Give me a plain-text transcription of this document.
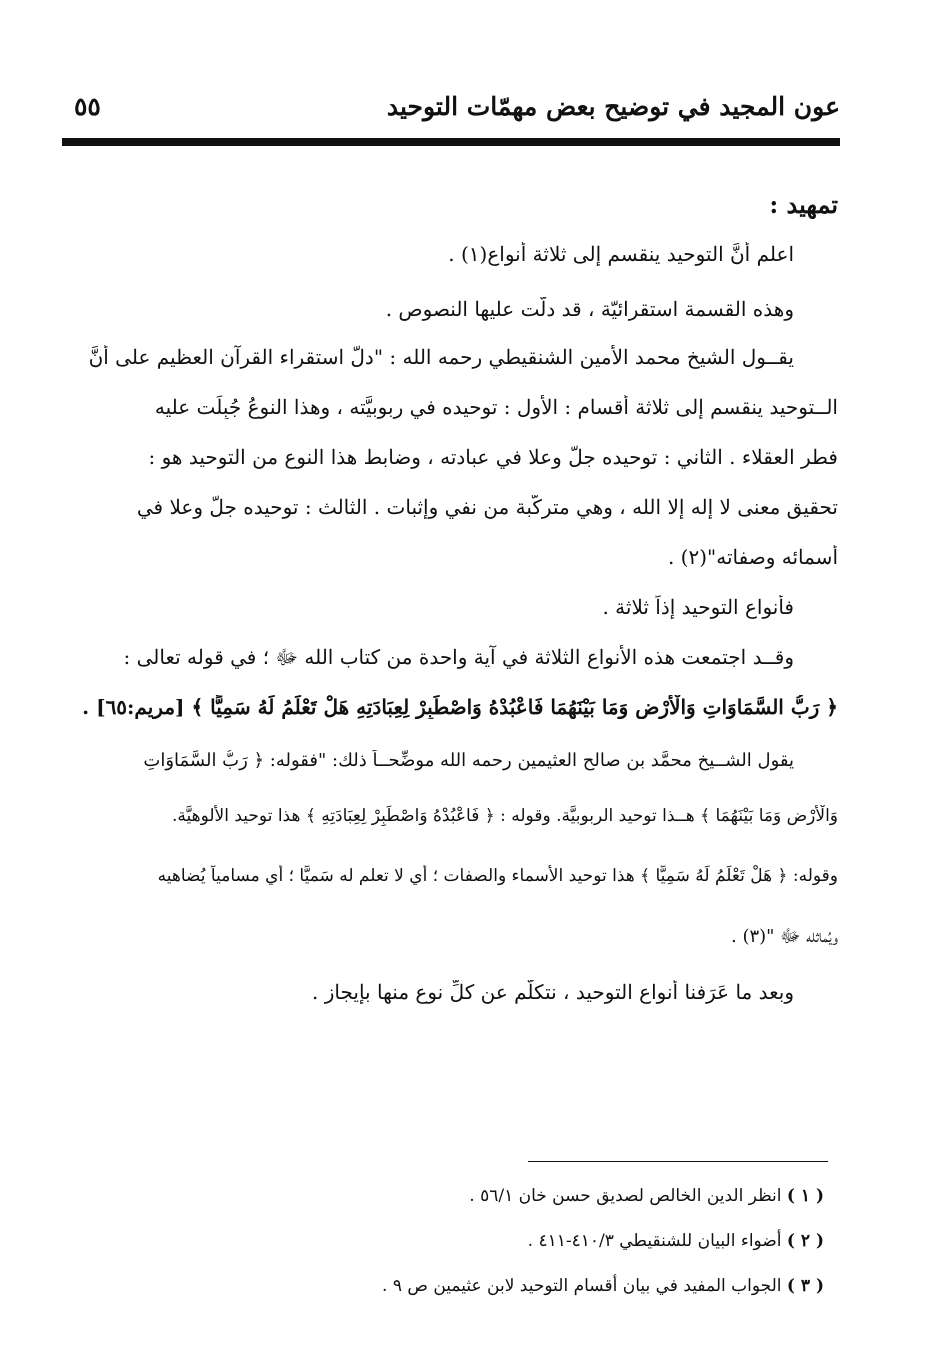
عون المجيد في توضيح بعض مهمّات التوحيد
٥٥
تمهيد :
اعلم أنَّ التوحيد ينقسم إلى ثلاثة أنواع(١) .
وهذه القسمة استقرائيّة ، قد دلَّت عليها النصوص .
يقــول الشيخ محمد الأمين الشنقيطي رحمه الله : "دلَّ استقراء القرآن العظيم على أنَّ
الــتوحيد ينقسم إلى ثلاثة أقسام : الأول : توحيده في ربوبيَّته ، وهذا النوعُ جُبِلَت عليه
فطر العقلاء . الثاني : توحيده جلَّ وعلا في عبادته ، وضابط هذا النوع من التوحيد هو :
تحقيق معنى لا إله إلا الله ، وهي متركّبة من نفيٍ وإثبات . الثالث : توحيده جلَّ وعلا في
أسمائه وصفاته"(٢) .
فأنواع التوحيد إذاً ثلاثة .
وقــد اجتمعت هذه الأنواع الثلاثة في آية واحدة من كتاب الله ﷻ ؛ في قوله تعالى :
﴿ رَبُّ السَّمَاوَاتِ وَالْأَرْضِ وَمَا بَيْنَهُمَا فَاعْبُدْهُ وَاصْطَبِرْ لِعِبَادَتِهِ هَلْ تَعْلَمُ لَهُ سَمِيًّا ﴾ [مريم:٦٥] .
يقول الشــيخ محمَّد بن صالح العثيمين رحمه الله موضِّحــاً ذلك: "فقوله: ﴿ رَبُّ السَّمَاوَاتِ
وَالْأَرْضِ وَمَا بَيْنَهُمَا ﴾ هــذا توحيد الربوبيَّة. وقوله : ﴿ فَاعْبُدْهُ وَاصْطَبِرْ لِعِبَادَتِهِ ﴾ هذا توحيد الألوهيَّة.
وقوله: ﴿ هَلْ تَعْلَمُ لَهُ سَمِيًّا ﴾ هذا توحيد الأسماء والصفات ؛ أي لا تعلم له سَميًّا ؛ أي مسامياً يُضاهيه
ويُماثله ﷻ "(٣) .
وبعد ما عَرَفنا أنواع التوحيد ، نتكلَّم عن كلِّ نوعٍ منها بإيجاز .
( ١ ) انظر الدين الخالص لصديق حسن خان ٥٦/١ .
( ٢ ) أضواء البيان للشنقيطي ٤١٠/٣-٤١١ .
( ٣ ) الجواب المفيد في بيان أقسام التوحيد لابن عثيمين ص ٩ .
